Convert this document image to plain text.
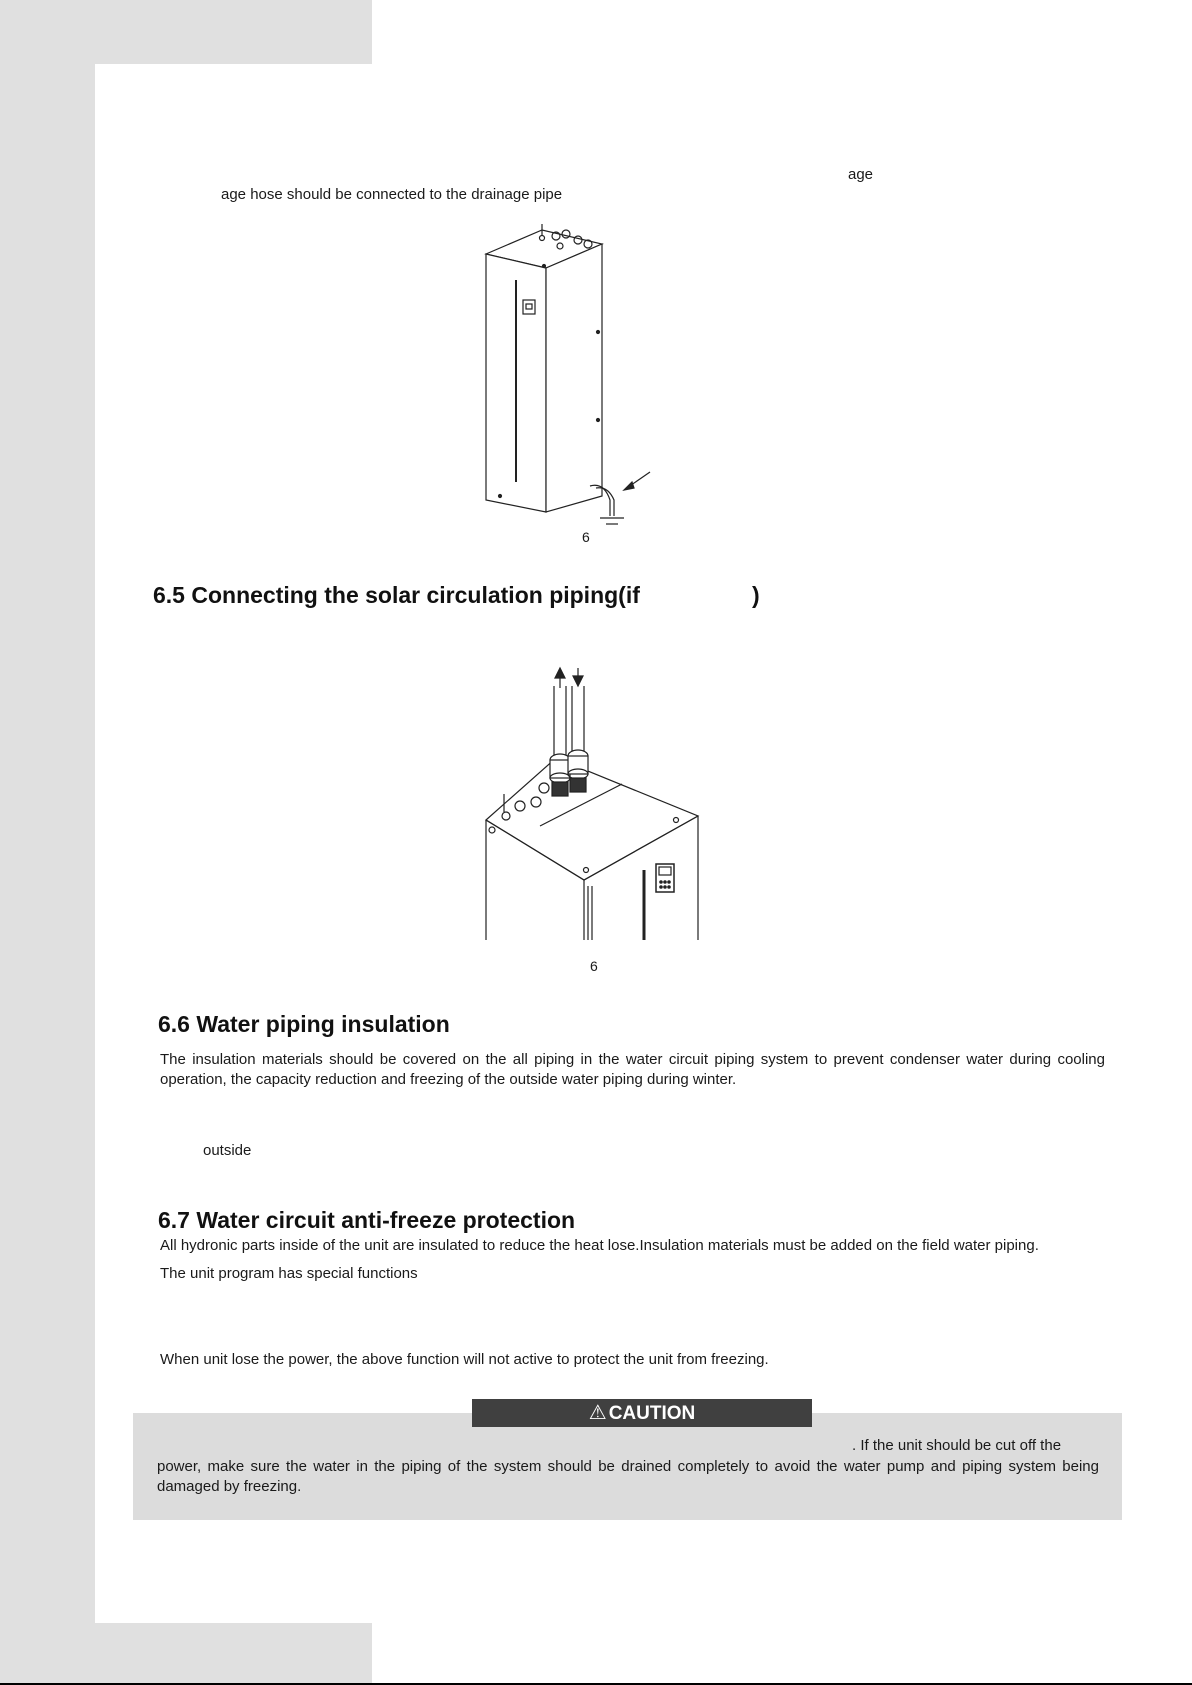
age
age hose should be connected to the drainage pipe
6
6.5 Connecting the solar circulation piping(if	)
6
6.6 Water piping insulation
The insulation materials should be covered on the all piping in the water circuit piping system to prevent condenser water during cooling operation, the capacity reduction and freezing of the outside water piping during winter.
outside
6.7 Water circuit anti-freeze protection
All hydronic parts inside of the unit are insulated to reduce the heat lose.Insulation materials must be added on the field water piping.
The unit program has special functions
When unit lose the power, the above function will not active to protect the unit from freezing.
⚠ CAUTION
. If the unit should be cut off the
power, make sure the water in the piping of the system should be drained completely to avoid the water pump and piping system being damaged by freezing.
